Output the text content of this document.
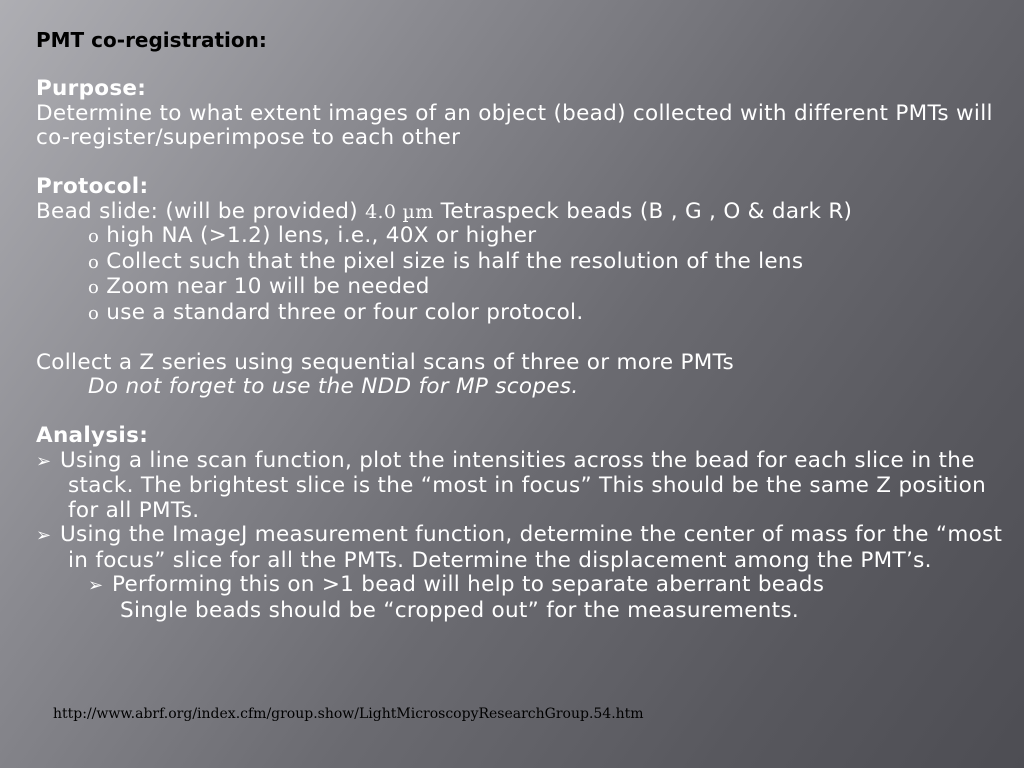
PMT co-registration:
Purpose:
Determine to what extent images of an object (bead) collected with different PMTs will co-register/superimpose to each other
Protocol:
Bead slide: (will be provided) 4.0 µm Tetraspeck beads (B , G , O & dark R)
o high NA (>1.2) lens, i.e., 40X or higher
o Collect such that the pixel size is half the resolution of the lens
o Zoom near 10 will be needed
o use a standard three or four color protocol.
Collect a Z series using sequential scans of three or more PMTs
Do not forget to use the NDD for MP scopes.
Analysis:
➢ Using a line scan function, plot the intensities across the bead for each slice in the stack. The brightest slice is the “most in focus” This should be the same Z position for all PMTs.
➢ Using the ImageJ measurement function, determine the center of mass for the “most in focus” slice for all the PMTs. Determine the displacement among the PMT’s.
➢ Performing this on >1 bead will help to separate aberrant beads
Single beads should be “cropped out” for the measurements.
http://www.abrf.org/index.cfm/group.show/LightMicroscopyResearchGroup.54.htm
